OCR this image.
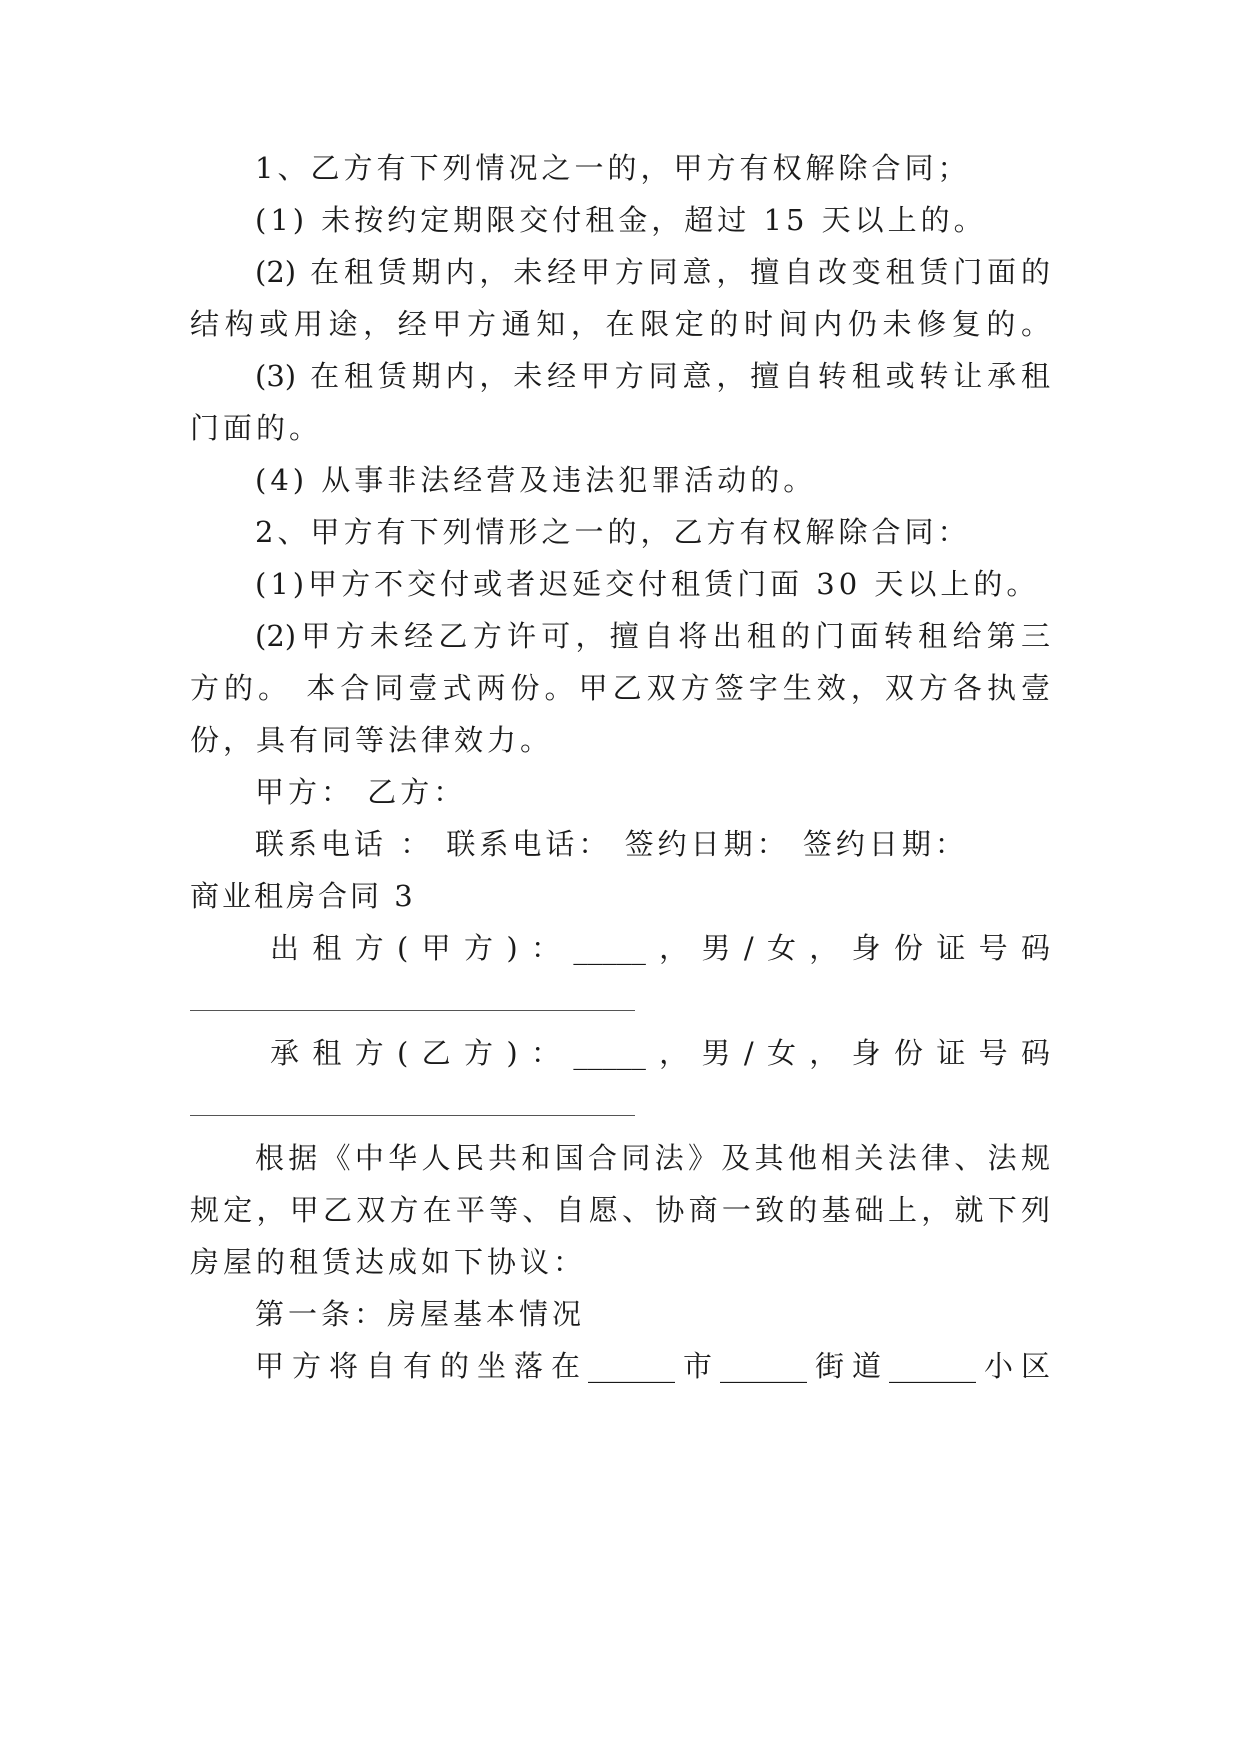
1、乙方有下列情况之一的，甲方有权解除合同；
(1) 未按约定期限交付租金，超过 15 天以上的。
(2) 在租赁期内，未经甲方同意，擅自改变租赁门面的
结构或用途，经甲方通知，在限定的时间内仍未修复的。
(3) 在租赁期内，未经甲方同意，擅自转租或转让承租
门面的。
(4) 从事非法经营及违法犯罪活动的。
2、甲方有下列情形之一的，乙方有权解除合同：
(1)甲方不交付或者迟延交付租赁门面 30 天以上的。
(2)甲方未经乙方许可，擅自将出租的门面转租给第三
方的。 本合同壹式两份。甲乙双方签字生效，双方各执壹
份，具有同等法律效力。
甲方： 乙方：
联系电话 ： 联系电话： 签约日期： 签约日期：
商业租房合同 3
出租方(甲方)：_____，男/女，身份证号码
承租方(乙方)：_____，男/女，身份证号码
根据《中华人民共和国合同法》及其他相关法律、法规
规定，甲乙双方在平等、自愿、协商一致的基础上，就下列
房屋的租赁达成如下协议：
第一条：房屋基本情况
甲方将自有的坐落在______市______街道______小区
